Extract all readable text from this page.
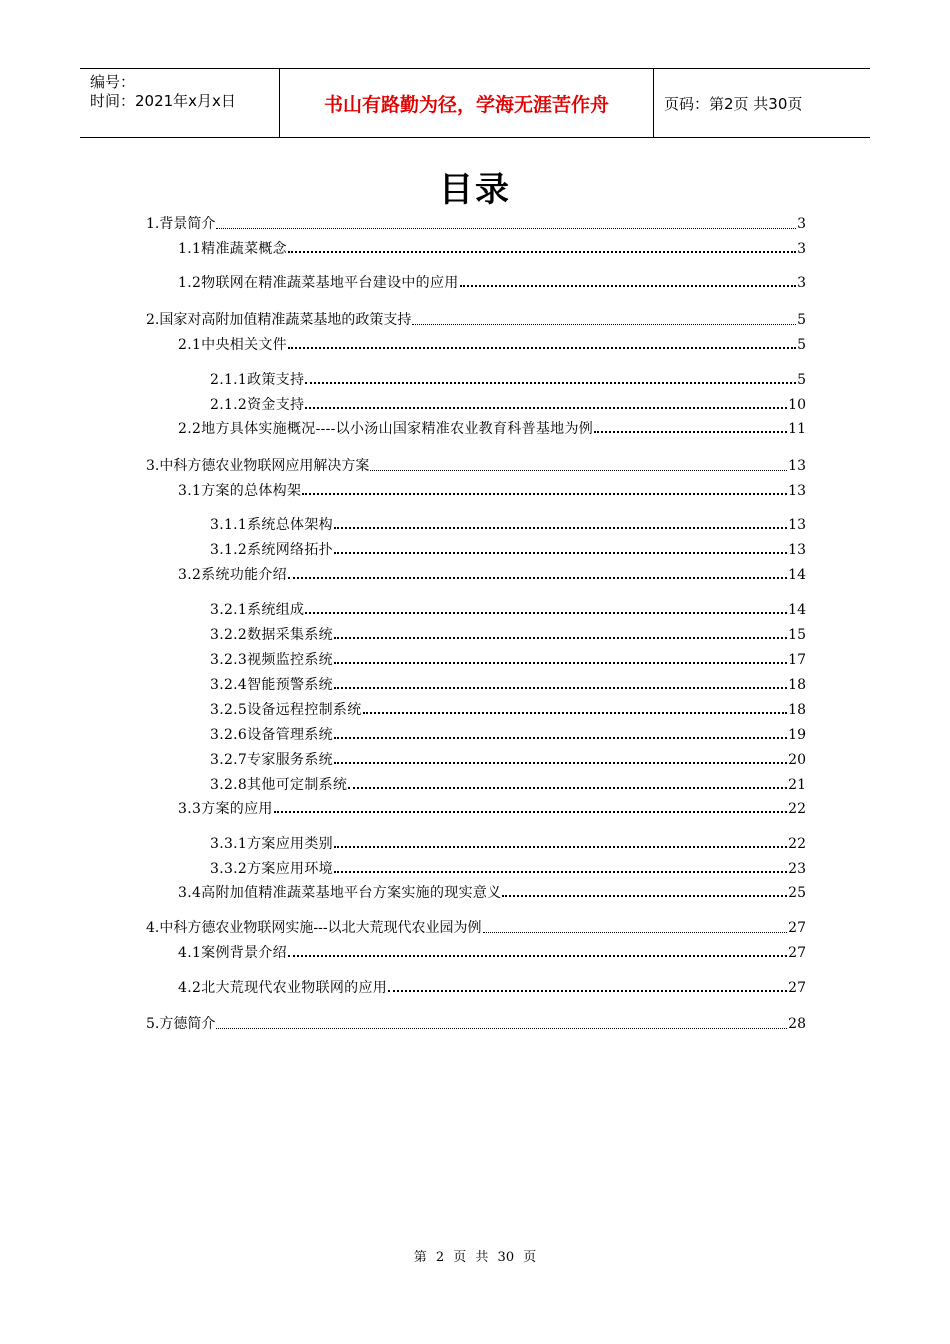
编号：
时间：2021年x月x日	书山有路勤为径，学海无涯苦作舟	页码：第2页 共30页
目录
1.背景简介	3
1.1精准蔬菜概念	3
1.2物联网在精准蔬菜基地平台建设中的应用	3
2.国家对高附加值精准蔬菜基地的政策支持	5
2.1中央相关文件	5
2.1.1政策支持	5
2.1.2资金支持	10
2.2地方具体实施概况----以小汤山国家精准农业教育科普基地为例	11
3.中科方德农业物联网应用解决方案	13
3.1方案的总体构架	13
3.1.1系统总体架构	13
3.1.2系统网络拓扑	13
3.2系统功能介绍	14
3.2.1系统组成	14
3.2.2数据采集系统	15
3.2.3视频监控系统	17
3.2.4智能预警系统	18
3.2.5设备远程控制系统	18
3.2.6设备管理系统	19
3.2.7专家服务系统	20
3.2.8其他可定制系统	21
3.3方案的应用	22
3.3.1方案应用类别	22
3.3.2方案应用环境	23
3.4高附加值精准蔬菜基地平台方案实施的现实意义	25
4.中科方德农业物联网实施---以北大荒现代农业园为例	27
4.1案例背景介绍	27
4.2北大荒现代农业物联网的应用	27
5.方德简介	28
第 2 页 共 30 页
